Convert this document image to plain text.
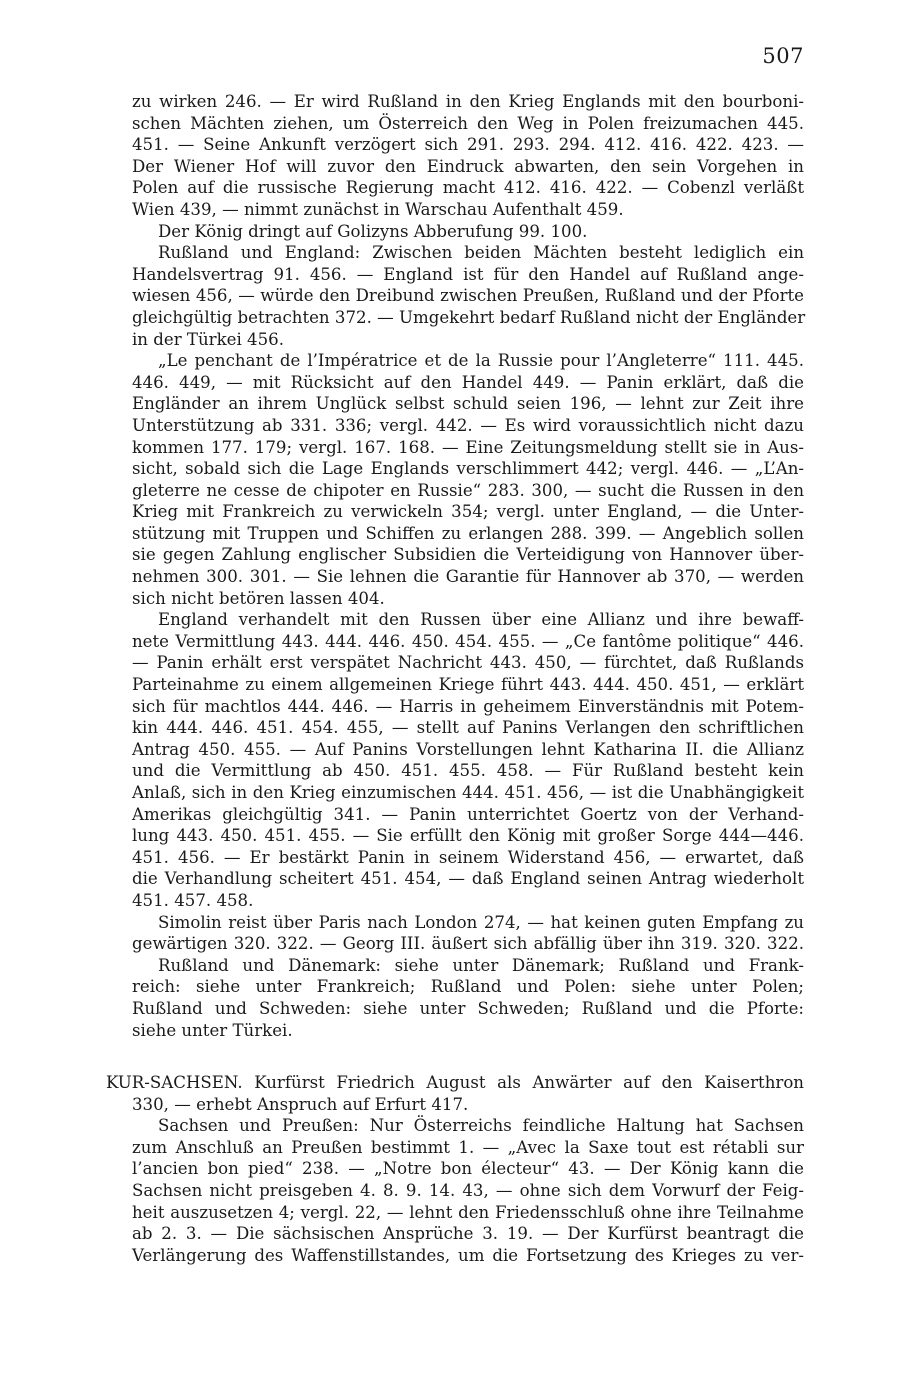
507
zu wirken 246. — Er wird Rußland in den Krieg Englands mit den bourboni-
schen Mächten ziehen, um Österreich den Weg in Polen freizumachen 445.
451. — Seine Ankunft verzögert sich 291. 293. 294. 412. 416. 422. 423. —
Der Wiener Hof will zuvor den Eindruck abwarten, den sein Vorgehen in
Polen auf die russische Regierung macht 412. 416. 422. — Cobenzl verläßt
Wien 439, — nimmt zunächst in Warschau Aufenthalt 459.
Der König dringt auf Golizyns Abberufung 99. 100.
Rußland und England: Zwischen beiden Mächten besteht lediglich ein
Handelsvertrag 91. 456. — England ist für den Handel auf Rußland ange-
wiesen 456, — würde den Dreibund zwischen Preußen, Rußland und der Pforte
gleichgültig betrachten 372. — Umgekehrt bedarf Rußland nicht der Engländer
in der Türkei 456.
„Le penchant de l’Impératrice et de la Russie pour l’Angleterre“ 111. 445.
446. 449, — mit Rücksicht auf den Handel 449. — Panin erklärt, daß die
Engländer an ihrem Unglück selbst schuld seien 196, — lehnt zur Zeit ihre
Unterstützung ab 331. 336; vergl. 442. — Es wird voraussichtlich nicht dazu
kommen 177. 179; vergl. 167. 168. — Eine Zeitungsmeldung stellt sie in Aus-
sicht, sobald sich die Lage Englands verschlimmert 442; vergl. 446. — „L’An-
gleterre ne cesse de chipoter en Russie“ 283. 300, — sucht die Russen in den
Krieg mit Frankreich zu verwickeln 354; vergl. unter England, — die Unter-
stützung mit Truppen und Schiffen zu erlangen 288. 399. — Angeblich sollen
sie gegen Zahlung englischer Subsidien die Verteidigung von Hannover über-
nehmen 300. 301. — Sie lehnen die Garantie für Hannover ab 370, — werden
sich nicht betören lassen 404.
England verhandelt mit den Russen über eine Allianz und ihre bewaff-
nete Vermittlung 443. 444. 446. 450. 454. 455. — „Ce fantôme politique“ 446.
— Panin erhält erst verspätet Nachricht 443. 450, — fürchtet, daß Rußlands
Parteinahme zu einem allgemeinen Kriege führt 443. 444. 450. 451, — erklärt
sich für machtlos 444. 446. — Harris in geheimem Einverständnis mit Potem-
kin 444. 446. 451. 454. 455, — stellt auf Panins Verlangen den schriftlichen
Antrag 450. 455. — Auf Panins Vorstellungen lehnt Katharina II. die Allianz
und die Vermittlung ab 450. 451. 455. 458. — Für Rußland besteht kein
Anlaß, sich in den Krieg einzumischen 444. 451. 456, — ist die Unabhängigkeit
Amerikas gleichgültig 341. — Panin unterrichtet Goertz von der Verhand-
lung 443. 450. 451. 455. — Sie erfüllt den König mit großer Sorge 444—446.
451. 456. — Er bestärkt Panin in seinem Widerstand 456, — erwartet, daß
die Verhandlung scheitert 451. 454, — daß England seinen Antrag wiederholt
451. 457. 458.
Simolin reist über Paris nach London 274, — hat keinen guten Empfang zu
gewärtigen 320. 322. — Georg III. äußert sich abfällig über ihn 319. 320. 322.
Rußland und Dänemark: siehe unter Dänemark; Rußland und Frank-
reich: siehe unter Frankreich; Rußland und Polen: siehe unter Polen;
Rußland und Schweden: siehe unter Schweden; Rußland und die Pforte:
siehe unter Türkei.
KUR-SACHSEN. Kurfürst Friedrich August als Anwärter auf den Kaiserthron
330, — erhebt Anspruch auf Erfurt 417.
Sachsen und Preußen: Nur Österreichs feindliche Haltung hat Sachsen
zum Anschluß an Preußen bestimmt 1. — „Avec la Saxe tout est rétabli sur
l’ancien bon pied“ 238. — „Notre bon électeur“ 43. — Der König kann die
Sachsen nicht preisgeben 4. 8. 9. 14. 43, — ohne sich dem Vorwurf der Feig-
heit auszusetzen 4; vergl. 22, — lehnt den Friedensschluß ohne ihre Teilnahme
ab 2. 3. — Die sächsischen Ansprüche 3. 19. — Der Kurfürst beantragt die
Verlängerung des Waffenstillstandes, um die Fortsetzung des Krieges zu ver-
